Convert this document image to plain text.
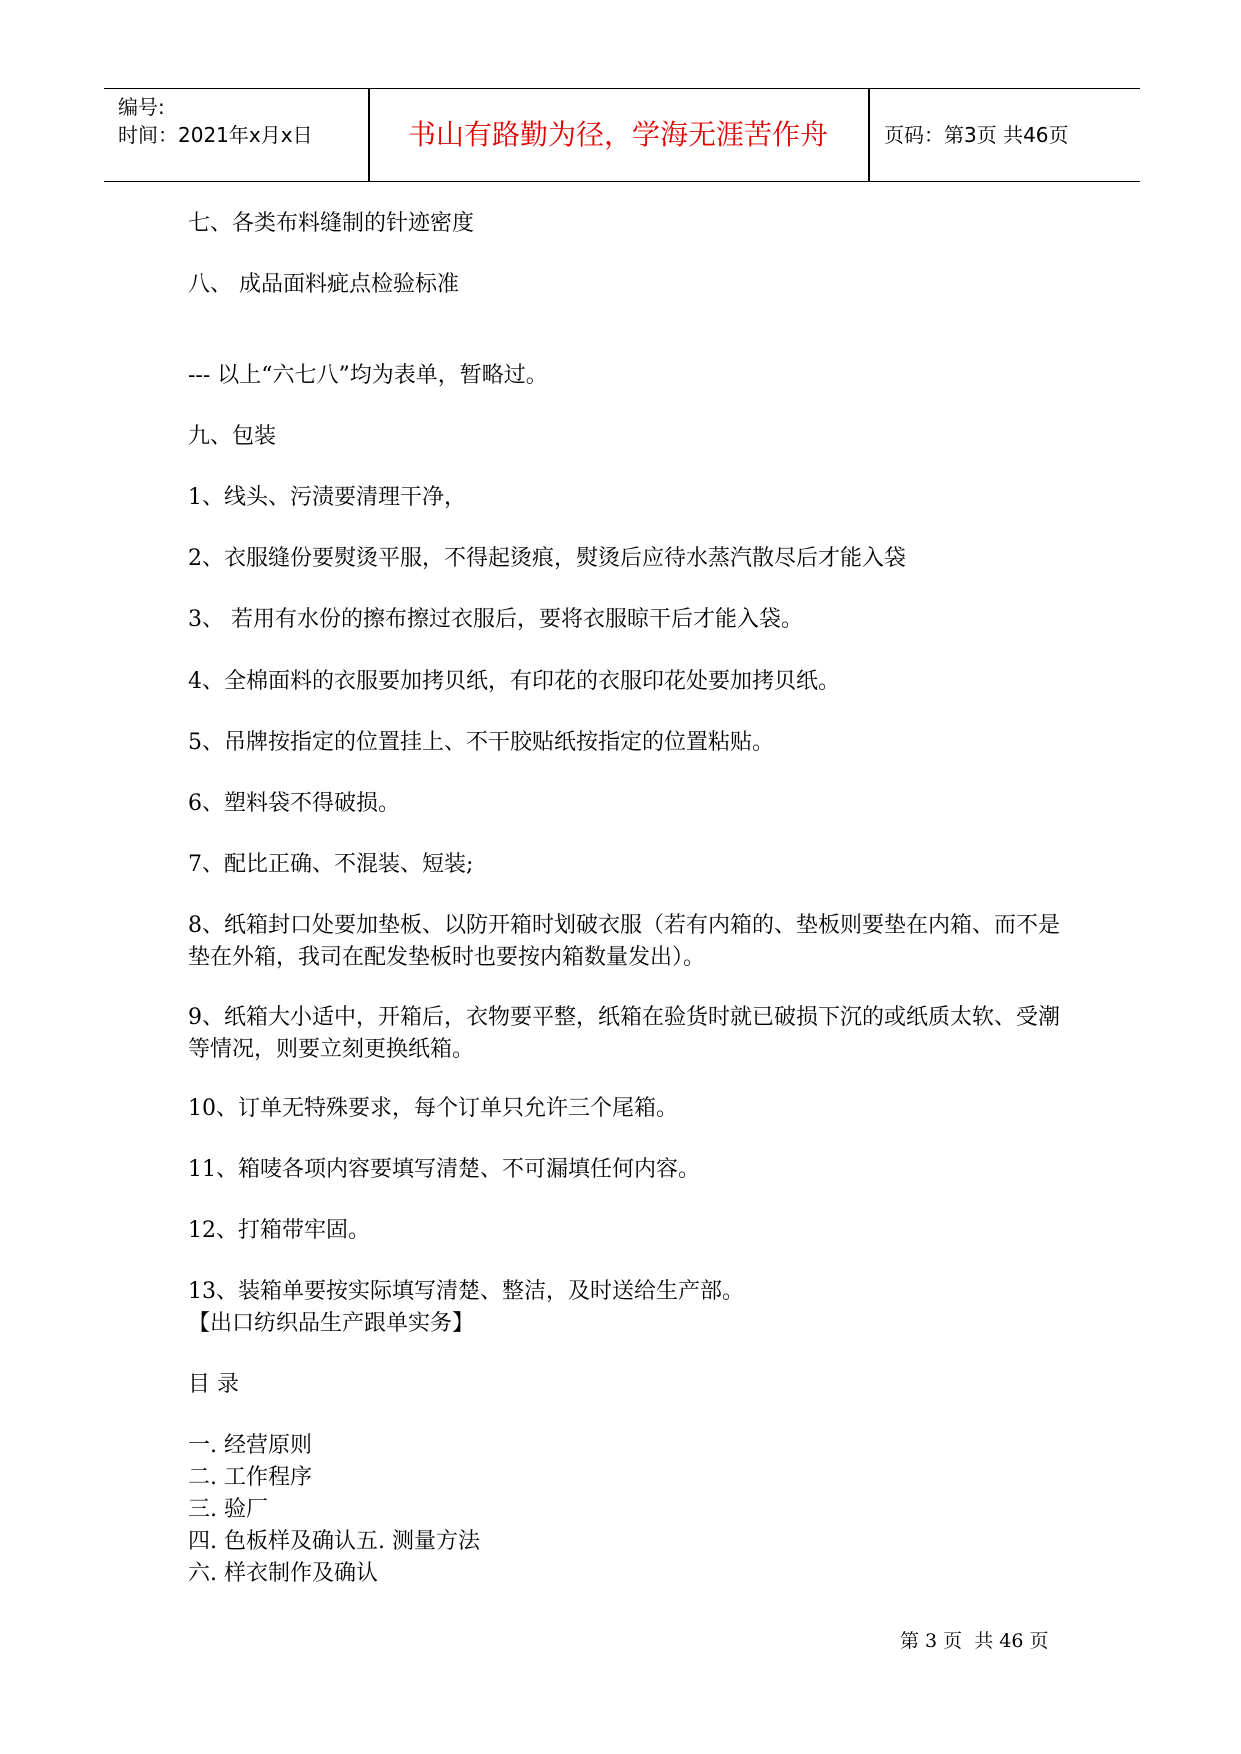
编号:
时间：2021年x月x日	书山有路勤为径，学海无涯苦作舟	页码：第3页 共46页
七、各类布料缝制的针迹密度
八、 成品面料疵点检验标准
--- 以上“六七八”均为表单，暂略过。
九、包装
1、线头、污渍要清理干净，
2、衣服缝份要熨烫平服，不得起烫痕，熨烫后应待水蒸汽散尽后才能入袋
3、 若用有水份的擦布擦过衣服后，要将衣服晾干后才能入袋。
4、全棉面料的衣服要加拷贝纸，有印花的衣服印花处要加拷贝纸。
5、吊牌按指定的位置挂上、不干胶贴纸按指定的位置粘贴。
6、塑料袋不得破损。
7、配比正确、不混装、短装;
8、纸箱封口处要加垫板、以防开箱时划破衣服（若有内箱的、垫板则要垫在内箱、而不是垫在外箱，我司在配发垫板时也要按内箱数量发出）。
9、纸箱大小适中，开箱后，衣物要平整，纸箱在验货时就已破损下沉的或纸质太软、受潮等情况，则要立刻更换纸箱。
10、订单无特殊要求，每个订单只允许三个尾箱。
11、箱唛各项内容要填写清楚、不可漏填任何内容。
12、打箱带牢固。
13、装箱单要按实际填写清楚、整洁，及时送给生产部。
【出口纺织品生产跟单实务】
目 录
一. 经营原则
二. 工作程序
三. 验厂
四. 色板样及确认五. 测量方法
六. 样衣制作及确认
第 3 页  共 46 页
